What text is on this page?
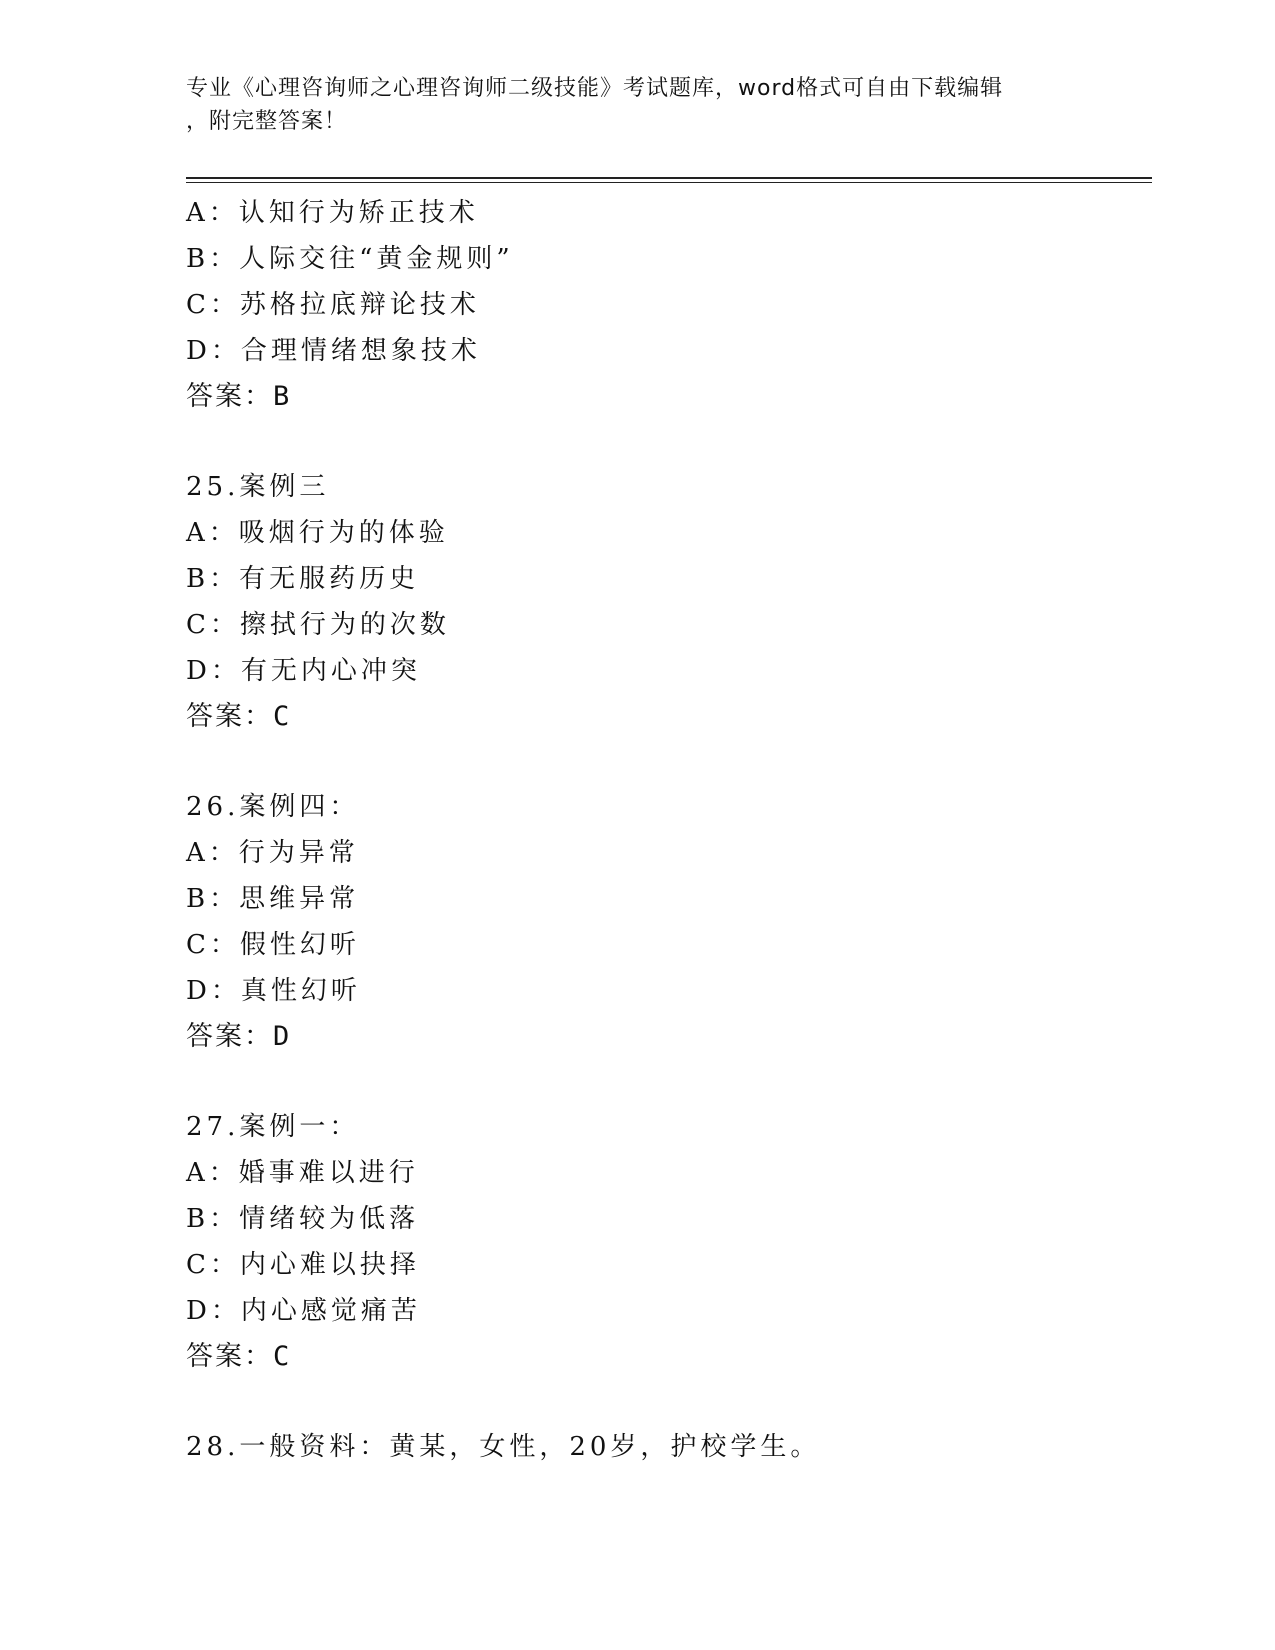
专业《心理咨询师之心理咨询师二级技能》考试题库，word格式可自由下载编辑
，附完整答案！
A：认知行为矫正技术
B：人际交往“黄金规则”
C：苏格拉底辩论技术
D：合理情绪想象技术
答案：B
25.案例三
A：吸烟行为的体验
B：有无服药历史
C：擦拭行为的次数
D：有无内心冲突
答案：C
26.案例四：
A：行为异常
B：思维异常
C：假性幻听
D：真性幻听
答案：D
27.案例一：
A：婚事难以进行
B：情绪较为低落
C：内心难以抉择
D：内心感觉痛苦
答案：C
28.一般资料：黄某，女性，20岁，护校学生。
